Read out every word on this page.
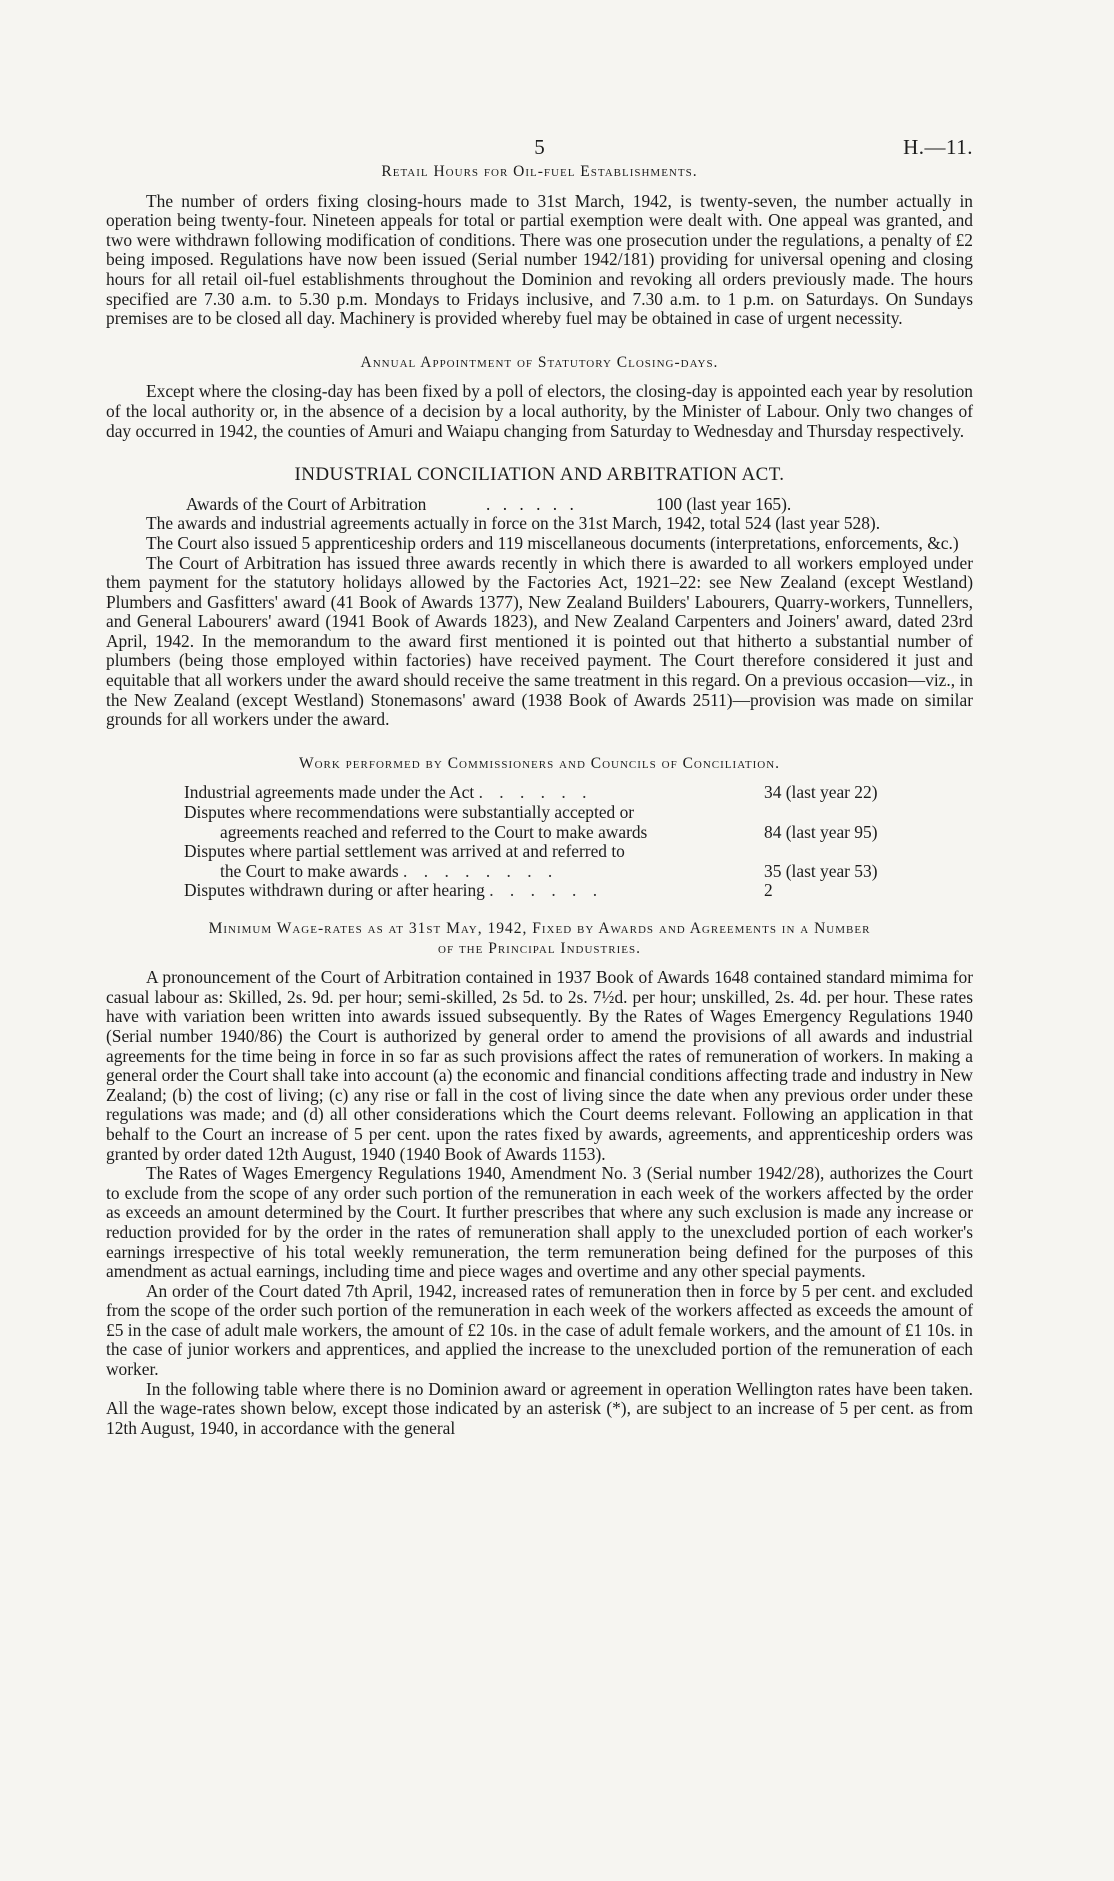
5	H.—11.
Retail Hours for Oil-fuel Establishments.

The number of orders fixing closing-hours made to 31st March, 1942, is twenty-seven, the number actually in operation being twenty-four. Nineteen appeals for total or partial exemption were dealt with. One appeal was granted, and two were withdrawn following modification of conditions. There was one prosecution under the regulations, a penalty of £2 being imposed. Regulations have now been issued (Serial number 1942/181) providing for universal opening and closing hours for all retail oil-fuel establishments throughout the Dominion and revoking all orders previously made. The hours specified are 7.30 a.m. to 5.30 p.m. Mondays to Fridays inclusive, and 7.30 a.m. to 1 p.m. on Saturdays. On Sundays premises are to be closed all day. Machinery is provided whereby fuel may be obtained in case of urgent necessity.

Annual Appointment of Statutory Closing-days.

Except where the closing-day has been fixed by a poll of electors, the closing-day is appointed each year by resolution of the local authority or, in the absence of a decision by a local authority, by the Minister of Labour. Only two changes of day occurred in 1942, the counties of Amuri and Waiapu changing from Saturday to Wednesday and Thursday respectively.

INDUSTRIAL CONCILIATION AND ARBITRATION ACT.
Awards of the Court of Arbitration	. . . . . .	100 (last year 165).

The awards and industrial agreements actually in force on the 31st March, 1942, total 524 (last year 528).

The Court also issued 5 apprenticeship orders and 119 miscellaneous documents (interpretations, enforcements, &c.)

The Court of Arbitration has issued three awards recently in which there is awarded to all workers employed under them payment for the statutory holidays allowed by the Factories Act, 1921–22: see New Zealand (except Westland) Plumbers and Gasfitters' award (41 Book of Awards 1377), New Zealand Builders' Labourers, Quarry-workers, Tunnellers, and General Labourers' award (1941 Book of Awards 1823), and New Zealand Carpenters and Joiners' award, dated 23rd April, 1942. In the memorandum to the award first mentioned it is pointed out that hitherto a substantial number of plumbers (being those employed within factories) have received payment. The Court therefore considered it just and equitable that all workers under the award should receive the same treatment in this regard. On a previous occasion—viz., in the New Zealand (except Westland) Stonemasons' award (1938 Book of Awards 2511)—provision was made on similar grounds for all workers under the award.

Work performed by Commissioners and Councils of Conciliation.
Industrial agreements made under the Act . . . . . .	34 (last year 22)
Disputes where recommendations were substantially accepted or
agreements reached and referred to the Court to make awards	84 (last year 95)
Disputes where partial settlement was arrived at and referred to
the Court to make awards . . . . . . . .	35 (last year 53)
Disputes withdrawn during or after hearing . . . . . .	2
Minimum Wage-rates as at 31st May, 1942, Fixed by Awards and Agreements in a Number
of the Principal Industries.

A pronouncement of the Court of Arbitration contained in 1937 Book of Awards 1648 contained standard mimima for casual labour as: Skilled, 2s. 9d. per hour; semi-skilled, 2s 5d. to 2s. 7½d. per hour; unskilled, 2s. 4d. per hour. These rates have with variation been written into awards issued subsequently. By the Rates of Wages Emergency Regulations 1940 (Serial number 1940/86) the Court is authorized by general order to amend the provisions of all awards and industrial agreements for the time being in force in so far as such provisions affect the rates of remuneration of workers. In making a general order the Court shall take into account (a) the economic and financial conditions affecting trade and industry in New Zealand; (b) the cost of living; (c) any rise or fall in the cost of living since the date when any previous order under these regulations was made; and (d) all other considerations which the Court deems relevant. Following an application in that behalf to the Court an increase of 5 per cent. upon the rates fixed by awards, agreements, and apprenticeship orders was granted by order dated 12th August, 1940 (1940 Book of Awards 1153).

The Rates of Wages Emergency Regulations 1940, Amendment No. 3 (Serial number 1942/28), authorizes the Court to exclude from the scope of any order such portion of the remuneration in each week of the workers affected by the order as exceeds an amount determined by the Court. It further prescribes that where any such exclusion is made any increase or reduction provided for by the order in the rates of remuneration shall apply to the unexcluded portion of each worker's earnings irrespective of his total weekly remuneration, the term remuneration being defined for the purposes of this amendment as actual earnings, including time and piece wages and overtime and any other special payments.

An order of the Court dated 7th April, 1942, increased rates of remuneration then in force by 5 per cent. and excluded from the scope of the order such portion of the remuneration in each week of the workers affected as exceeds the amount of £5 in the case of adult male workers, the amount of £2 10s. in the case of adult female workers, and the amount of £1 10s. in the case of junior workers and apprentices, and applied the increase to the unexcluded portion of the remuneration of each worker.

In the following table where there is no Dominion award or agreement in operation Wellington rates have been taken. All the wage-rates shown below, except those indicated by an asterisk (*), are subject to an increase of 5 per cent. as from 12th August, 1940, in accordance with the general
